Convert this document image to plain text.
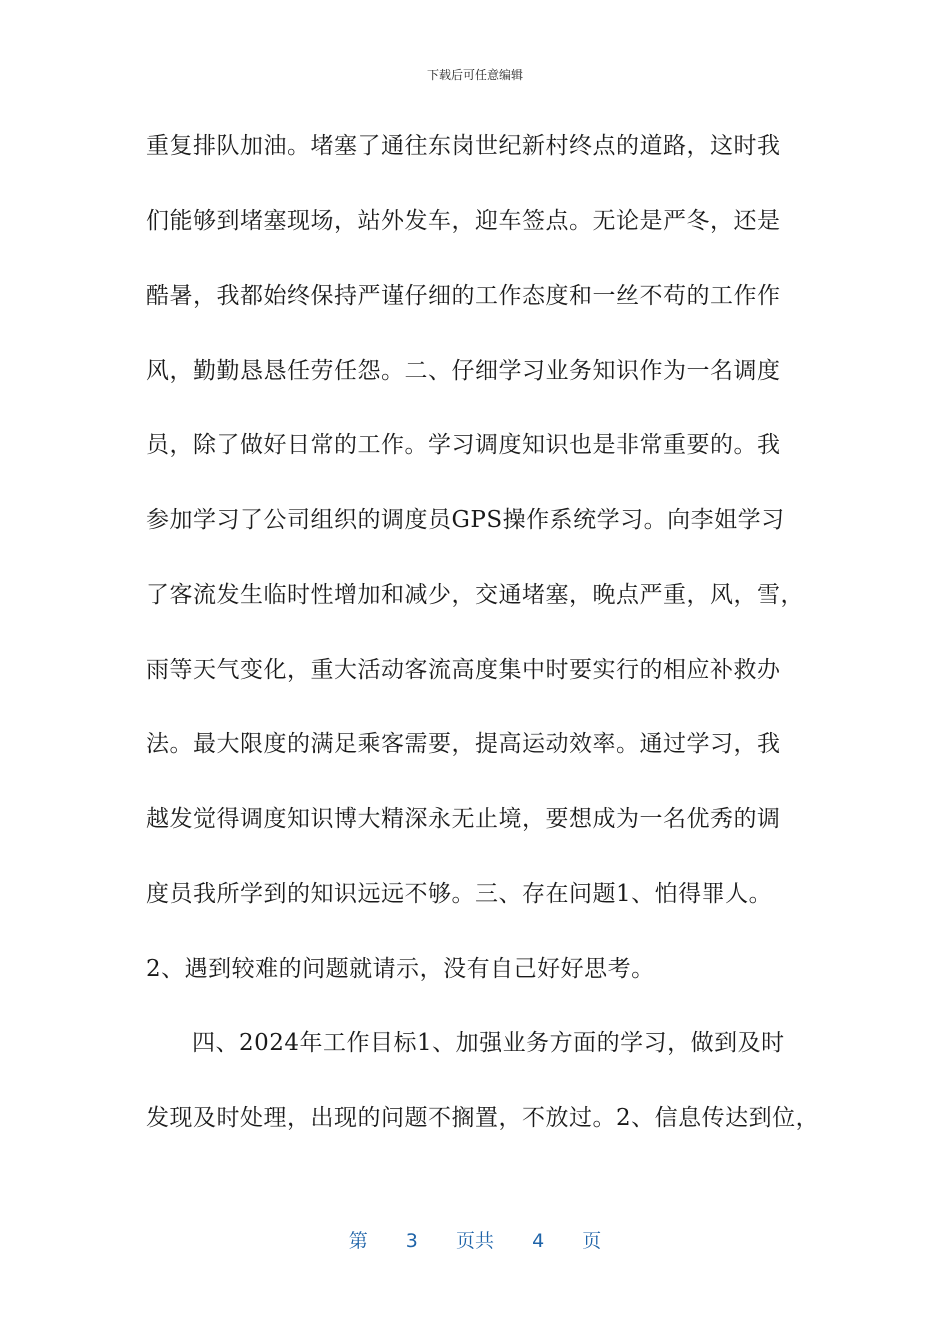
下载后可任意编辑
重复排队加油。堵塞了通往东岗世纪新村终点的道路，这时我
们能够到堵塞现场，站外发车，迎车签点。无论是严冬，还是
酷暑，我都始终保持严谨仔细的工作态度和一丝不苟的工作作
风，勤勤恳恳任劳任怨。二、仔细学习业务知识作为一名调度
员，除了做好日常的工作。学习调度知识也是非常重要的。我
参加学习了公司组织的调度员GPS操作系统学习。向李姐学习
了客流发生临时性增加和减少，交通堵塞，晚点严重，风，雪，
雨等天气变化，重大活动客流高度集中时要实行的相应补救办
法。最大限度的满足乘客需要，提高运动效率。通过学习，我
越发觉得调度知识博大精深永无止境，要想成为一名优秀的调
度员我所学到的知识远远不够。三、存在问题1、怕得罪人。
2、遇到较难的问题就请示，没有自己好好思考。
四、2024年工作目标1、加强业务方面的学习，做到及时
发现及时处理，出现的问题不搁置，不放过。2、信息传达到位，
第 3 页共 4 页
